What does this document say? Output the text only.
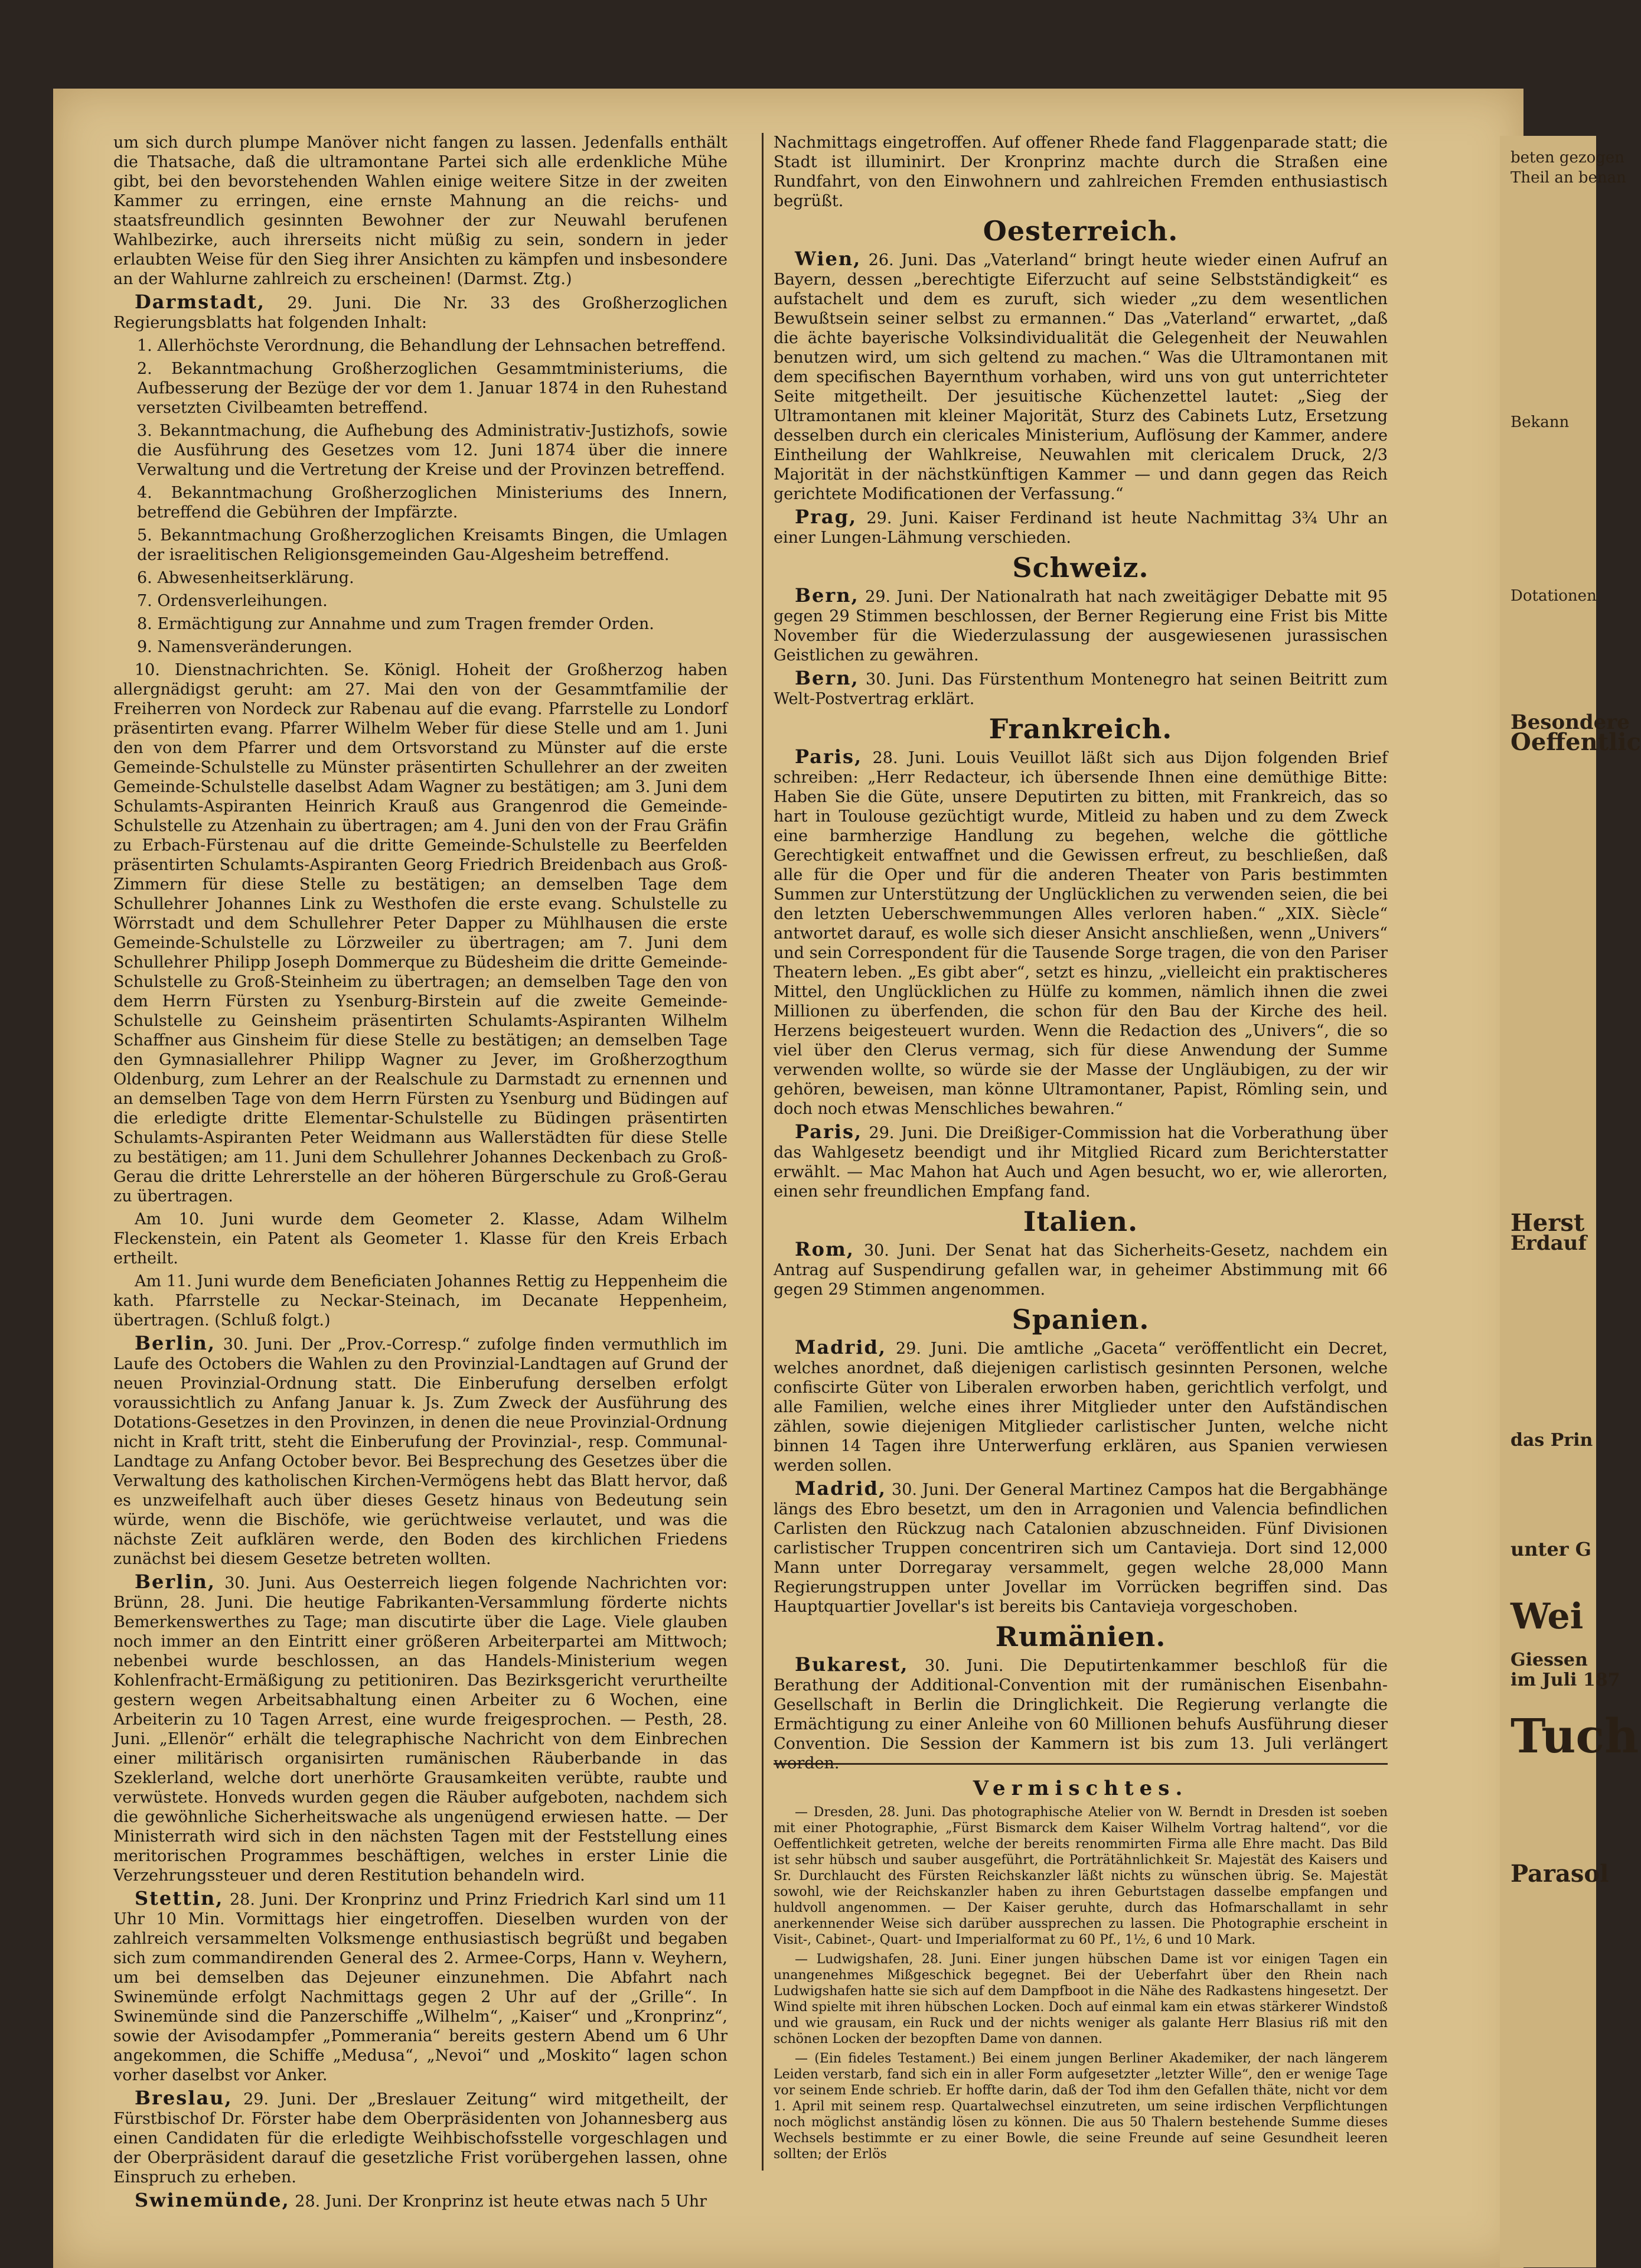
beten gezogen
Theil an benan
Bekann
Dotationen
Besondere
Oeffentlic
Herst
Erdauf
das Prin
unter G
Wei
Giessen
im Juli 187
Tuch
Parasol

um sich durch plumpe Manöver nicht fangen zu lassen. Jedenfalls enthält die Thatsache, daß die ultramontane Partei sich alle erdenkliche Mühe gibt, bei den bevorstehenden Wahlen einige weitere Sitze in der zweiten Kammer zu erringen, eine ernste Mahnung an die reichs- und staatsfreundlich gesinnten Bewohner der zur Neuwahl berufenen Wahlbezirke, auch ihrerseits nicht müßig zu sein, sondern in jeder erlaubten Weise für den Sieg ihrer Ansichten zu kämpfen und insbesondere an der Wahlurne zahlreich zu erscheinen! (Darmst. Ztg.)

Darmstadt, 29. Juni. Die Nr. 33 des Großherzoglichen Regierungsblatts hat folgenden Inhalt:

1. Allerhöchste Verordnung, die Behandlung der Lehnsachen betreffend.

2. Bekanntmachung Großherzoglichen Gesammtministeriums, die Aufbesserung der Bezüge der vor dem 1. Januar 1874 in den Ruhestand versetzten Civilbeamten betreffend.

3. Bekanntmachung, die Aufhebung des Administrativ-Justizhofs, sowie die Ausführung des Gesetzes vom 12. Juni 1874 über die innere Verwaltung und die Vertretung der Kreise und der Provinzen betreffend.

4. Bekanntmachung Großherzoglichen Ministeriums des Innern, betreffend die Gebühren der Impfärzte.

5. Bekanntmachung Großherzoglichen Kreisamts Bingen, die Umlagen der israelitischen Religionsgemeinden Gau-Algesheim betreffend.

6. Abwesenheitserklärung.

7. Ordensverleihungen.

8. Ermächtigung zur Annahme und zum Tragen fremder Orden.

9. Namensveränderungen.

10. Dienstnachrichten. Se. Königl. Hoheit der Großherzog haben allergnädigst geruht: am 27. Mai den von der Gesammtfamilie der Freiherren von Nordeck zur Rabenau auf die evang. Pfarrstelle zu Londorf präsentirten evang. Pfarrer Wilhelm Weber für diese Stelle und am 1. Juni den von dem Pfarrer und dem Ortsvorstand zu Münster auf die erste Gemeinde-Schulstelle zu Münster präsentirten Schullehrer an der zweiten Gemeinde-Schulstelle daselbst Adam Wagner zu bestätigen; am 3. Juni dem Schulamts-Aspiranten Heinrich Krauß aus Grangenrod die Gemeinde-Schulstelle zu Atzenhain zu übertragen; am 4. Juni den von der Frau Gräfin zu Erbach-Fürstenau auf die dritte Gemeinde-Schulstelle zu Beerfelden präsentirten Schulamts-Aspiranten Georg Friedrich Breidenbach aus Groß-Zimmern für diese Stelle zu bestätigen; an demselben Tage dem Schullehrer Johannes Link zu Westhofen die erste evang. Schulstelle zu Wörrstadt und dem Schullehrer Peter Dapper zu Mühlhausen die erste Gemeinde-Schulstelle zu Lörzweiler zu übertragen; am 7. Juni dem Schullehrer Philipp Joseph Dommerque zu Büdesheim die dritte Gemeinde-Schulstelle zu Groß-Steinheim zu übertragen; an demselben Tage den von dem Herrn Fürsten zu Ysenburg-Birstein auf die zweite Gemeinde-Schulstelle zu Geinsheim präsentirten Schulamts-Aspiranten Wilhelm Schaffner aus Ginsheim für diese Stelle zu bestätigen; an demselben Tage den Gymnasiallehrer Philipp Wagner zu Jever, im Großherzogthum Oldenburg, zum Lehrer an der Realschule zu Darmstadt zu ernennen und an demselben Tage von dem Herrn Fürsten zu Ysenburg und Büdingen auf die erledigte dritte Elementar-Schulstelle zu Büdingen präsentirten Schulamts-Aspiranten Peter Weidmann aus Wallerstädten für diese Stelle zu bestätigen; am 11. Juni dem Schullehrer Johannes Deckenbach zu Groß-Gerau die dritte Lehrerstelle an der höheren Bürgerschule zu Groß-Gerau zu übertragen.

Am 10. Juni wurde dem Geometer 2. Klasse, Adam Wilhelm Fleckenstein, ein Patent als Geometer 1. Klasse für den Kreis Erbach ertheilt.

Am 11. Juni wurde dem Beneficiaten Johannes Rettig zu Heppenheim die kath. Pfarrstelle zu Neckar-Steinach, im Decanate Heppenheim, übertragen. (Schluß folgt.)

Berlin, 30. Juni. Der „Prov.-Corresp.“ zufolge finden vermuthlich im Laufe des Octobers die Wahlen zu den Provinzial-Landtagen auf Grund der neuen Provinzial-Ordnung statt. Die Einberufung derselben erfolgt voraussichtlich zu Anfang Januar k. Js. Zum Zweck der Ausführung des Dotations-Gesetzes in den Provinzen, in denen die neue Provinzial-Ordnung nicht in Kraft tritt, steht die Einberufung der Provinzial-, resp. Communal-Landtage zu Anfang October bevor. Bei Besprechung des Gesetzes über die Verwaltung des katholischen Kirchen-Vermögens hebt das Blatt hervor, daß es unzweifelhaft auch über dieses Gesetz hinaus von Bedeutung sein würde, wenn die Bischöfe, wie gerüchtweise verlautet, und was die nächste Zeit aufklären werde, den Boden des kirchlichen Friedens zunächst bei diesem Gesetze betreten wollten.

Berlin, 30. Juni. Aus Oesterreich liegen folgende Nachrichten vor: Brünn, 28. Juni. Die heutige Fabrikanten-Versammlung förderte nichts Bemerkenswerthes zu Tage; man discutirte über die Lage. Viele glauben noch immer an den Eintritt einer größeren Arbeiterpartei am Mittwoch; nebenbei wurde beschlossen, an das Handels-Ministerium wegen Kohlenfracht-Ermäßigung zu petitioniren. Das Bezirksgericht verurtheilte gestern wegen Arbeitsabhaltung einen Arbeiter zu 6 Wochen, eine Arbeiterin zu 10 Tagen Arrest, eine wurde freigesprochen. — Pesth, 28. Juni. „Ellenör“ erhält die telegraphische Nachricht von dem Einbrechen einer militärisch organisirten rumänischen Räuberbande in das Szeklerland, welche dort unerhörte Grausamkeiten verübte, raubte und verwüstete. Honveds wurden gegen die Räuber aufgeboten, nachdem sich die gewöhnliche Sicherheitswache als ungenügend erwiesen hatte. — Der Ministerrath wird sich in den nächsten Tagen mit der Feststellung eines meritorischen Programmes beschäftigen, welches in erster Linie die Verzehrungssteuer und deren Restitution behandeln wird.

Stettin, 28. Juni. Der Kronprinz und Prinz Friedrich Karl sind um 11 Uhr 10 Min. Vormittags hier eingetroffen. Dieselben wurden von der zahlreich versammelten Volksmenge enthusiastisch begrüßt und begaben sich zum commandirenden General des 2. Armee-Corps, Hann v. Weyhern, um bei demselben das Dejeuner einzunehmen. Die Abfahrt nach Swinemünde erfolgt Nachmittags gegen 2 Uhr auf der „Grille“. In Swinemünde sind die Panzerschiffe „Wilhelm“, „Kaiser“ und „Kronprinz“, sowie der Avisodampfer „Pommerania“ bereits gestern Abend um 6 Uhr angekommen, die Schiffe „Medusa“, „Nevoi“ und „Moskito“ lagen schon vorher daselbst vor Anker.

Breslau, 29. Juni. Der „Breslauer Zeitung“ wird mitgetheilt, der Fürstbischof Dr. Förster habe dem Oberpräsidenten von Johannesberg aus einen Candidaten für die erledigte Weihbischofsstelle vorgeschlagen und der Oberpräsident darauf die gesetzliche Frist vorübergehen lassen, ohne Einspruch zu erheben.

Swinemünde, 28. Juni. Der Kronprinz ist heute etwas nach 5 Uhr

Nachmittags eingetroffen. Auf offener Rhede fand Flaggenparade statt; die Stadt ist illuminirt. Der Kronprinz machte durch die Straßen eine Rundfahrt, von den Einwohnern und zahlreichen Fremden enthusiastisch begrüßt.

Oesterreich.

Wien, 26. Juni. Das „Vaterland“ bringt heute wieder einen Aufruf an Bayern, dessen „berechtigte Eiferzucht auf seine Selbstständigkeit“ es aufstachelt und dem es zuruft, sich wieder „zu dem wesentlichen Bewußtsein seiner selbst zu ermannen.“ Das „Vaterland“ erwartet, „daß die ächte bayerische Volksindividualität die Gelegenheit der Neuwahlen benutzen wird, um sich geltend zu machen.“ Was die Ultramontanen mit dem specifischen Bayernthum vorhaben, wird uns von gut unterrichteter Seite mitgetheilt. Der jesuitische Küchenzettel lautet: „Sieg der Ultramontanen mit kleiner Majorität, Sturz des Cabinets Lutz, Ersetzung desselben durch ein clericales Ministerium, Auflösung der Kammer, andere Eintheilung der Wahlkreise, Neuwahlen mit clericalem Druck, 2/3 Majorität in der nächstkünftigen Kammer — und dann gegen das Reich gerichtete Modificationen der Verfassung.“

Prag, 29. Juni. Kaiser Ferdinand ist heute Nachmittag 3¾ Uhr an einer Lungen-Lähmung verschieden.

Schweiz.

Bern, 29. Juni. Der Nationalrath hat nach zweitägiger Debatte mit 95 gegen 29 Stimmen beschlossen, der Berner Regierung eine Frist bis Mitte November für die Wiederzulassung der ausgewiesenen jurassischen Geistlichen zu gewähren.

Bern, 30. Juni. Das Fürstenthum Montenegro hat seinen Beitritt zum Welt-Postvertrag erklärt.

Frankreich.

Paris, 28. Juni. Louis Veuillot läßt sich aus Dijon folgenden Brief schreiben: „Herr Redacteur, ich übersende Ihnen eine demüthige Bitte: Haben Sie die Güte, unsere Deputirten zu bitten, mit Frankreich, das so hart in Toulouse gezüchtigt wurde, Mitleid zu haben und zu dem Zweck eine barmherzige Handlung zu begehen, welche die göttliche Gerechtigkeit entwaffnet und die Gewissen erfreut, zu beschließen, daß alle für die Oper und für die anderen Theater von Paris bestimmten Summen zur Unterstützung der Unglücklichen zu verwenden seien, die bei den letzten Ueberschwemmungen Alles verloren haben.“ „XIX. Siècle“ antwortet darauf, es wolle sich dieser Ansicht anschließen, wenn „Univers“ und sein Correspondent für die Tausende Sorge tragen, die von den Pariser Theatern leben. „Es gibt aber“, setzt es hinzu, „vielleicht ein praktischeres Mittel, den Unglücklichen zu Hülfe zu kommen, nämlich ihnen die zwei Millionen zu überfenden, die schon für den Bau der Kirche des heil. Herzens beigesteuert wurden. Wenn die Redaction des „Univers“, die so viel über den Clerus vermag, sich für diese Anwendung der Summe verwenden wollte, so würde sie der Masse der Ungläubigen, zu der wir gehören, beweisen, man könne Ultramontaner, Papist, Römling sein, und doch noch etwas Menschliches bewahren.“

Paris, 29. Juni. Die Dreißiger-Commission hat die Vorberathung über das Wahlgesetz beendigt und ihr Mitglied Ricard zum Berichterstatter erwählt. — Mac Mahon hat Auch und Agen besucht, wo er, wie allerorten, einen sehr freundlichen Empfang fand.

Italien.

Rom, 30. Juni. Der Senat hat das Sicherheits-Gesetz, nachdem ein Antrag auf Suspendirung gefallen war, in geheimer Abstimmung mit 66 gegen 29 Stimmen angenommen.

Spanien.

Madrid, 29. Juni. Die amtliche „Gaceta“ veröffentlicht ein Decret, welches anordnet, daß diejenigen carlistisch gesinnten Personen, welche confiscirte Güter von Liberalen erworben haben, gerichtlich verfolgt, und alle Familien, welche eines ihrer Mitglieder unter den Aufständischen zählen, sowie diejenigen Mitglieder carlistischer Junten, welche nicht binnen 14 Tagen ihre Unterwerfung erklären, aus Spanien verwiesen werden sollen.

Madrid, 30. Juni. Der General Martinez Campos hat die Bergabhänge längs des Ebro besetzt, um den in Arragonien und Valencia befindlichen Carlisten den Rückzug nach Catalonien abzuschneiden. Fünf Divisionen carlistischer Truppen concentriren sich um Cantavieja. Dort sind 12,000 Mann unter Dorregaray versammelt, gegen welche 28,000 Mann Regierungstruppen unter Jovellar im Vorrücken begriffen sind. Das Hauptquartier Jovellar's ist bereits bis Cantavieja vorgeschoben.

Rumänien.

Bukarest, 30. Juni. Die Deputirtenkammer beschloß für die Berathung der Additional-Convention mit der rumänischen Eisenbahn-Gesellschaft in Berlin die Dringlichkeit. Die Regierung verlangte die Ermächtigung zu einer Anleihe von 60 Millionen behufs Ausführung dieser Convention. Die Session der Kammern ist bis zum 13. Juli verlängert worden.

Vermischtes.

— Dresden, 28. Juni. Das photographische Atelier von W. Berndt in Dresden ist soeben mit einer Photographie, „Fürst Bismarck dem Kaiser Wilhelm Vortrag haltend“, vor die Oeffentlichkeit getreten, welche der bereits renommirten Firma alle Ehre macht. Das Bild ist sehr hübsch und sauber ausgeführt, die Porträtähnlichkeit Sr. Majestät des Kaisers und Sr. Durchlaucht des Fürsten Reichskanzler läßt nichts zu wünschen übrig. Se. Majestät sowohl, wie der Reichskanzler haben zu ihren Geburtstagen dasselbe empfangen und huldvoll angenommen. — Der Kaiser geruhte, durch das Hofmarschallamt in sehr anerkennender Weise sich darüber aussprechen zu lassen. Die Photographie erscheint in Visit-, Cabinet-, Quart- und Imperialformat zu 60 Pf., 1½, 6 und 10 Mark.

— Ludwigshafen, 28. Juni. Einer jungen hübschen Dame ist vor einigen Tagen ein unangenehmes Mißgeschick begegnet. Bei der Ueberfahrt über den Rhein nach Ludwigshafen hatte sie sich auf dem Dampfboot in die Nähe des Radkastens hingesetzt. Der Wind spielte mit ihren hübschen Locken. Doch auf einmal kam ein etwas stärkerer Windstoß und wie grausam, ein Ruck und der nichts weniger als galante Herr Blasius riß mit den schönen Locken der bezopften Dame von dannen.

— (Ein fideles Testament.) Bei einem jungen Berliner Akademiker, der nach längerem Leiden verstarb, fand sich ein in aller Form aufgesetzter „letzter Wille“, den er wenige Tage vor seinem Ende schrieb. Er hoffte darin, daß der Tod ihm den Gefallen thäte, nicht vor dem 1. April mit seinem resp. Quartalwechsel einzutreten, um seine irdischen Verpflichtungen noch möglichst anständig lösen zu können. Die aus 50 Thalern bestehende Summe dieses Wechsels bestimmte er zu einer Bowle, die seine Freunde auf seine Gesundheit leeren sollten; der Erlös
